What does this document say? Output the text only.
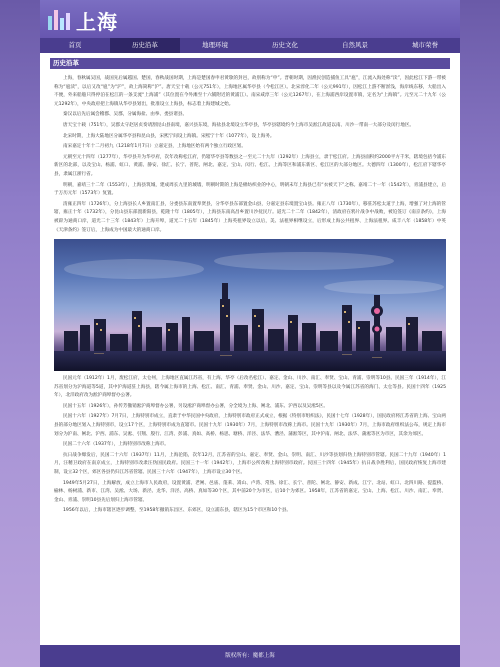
上海
首页	历史沿革	地理环境	历史文化	自然风景	城市荣誉
历史沿革

上海，春秋属吴国，战国先后属越国、楚国，春秋战国时期，上海是楚国春申君黄歇的封邑，故别称为“申”。晋朝时期，因渔民创造捕鱼工具“扈”，江流入海处称“渎”，因此松江下游一带被称为“扈渎”，以后又改“扈”为“沪”，故上海简称“沪”。唐天宝十载（公元751年），上海地区属华亭县（今松江区）。北宋淳化二年（公元991年），因松江上游不断淤浅，海岸线东移，大船出入不便，外来船舶只得停泊在松江的一条支流“上海浦”（其位置在今外滩至十六铺附近的黄浦江）。南宋咸淳三年（公元1267年），在上海浦西岸设置市镇，定名为“上海镇”。元至元二十九年（公元1292年），中央政府把上海镇从华亭县划出，批准设立上海县，标志着上海建城之始。

秦汉以后先后属会稽郡、吴郡，分属海盐、由拳、娄县诸县。

唐天宝十载（751年），吴郡太守赵居贞奏请割昆山县南境，嘉兴县东境，海盐县北境设立华亭县，华亭县辖境约今上海市吴淞江故道以南、川沙一带南一大部分及闵行地区。

北宋时期，上海大陆地区分属华亭县和昆山县，宋熙宁间设上海镇。宋熙宁十年（1077年），设上海务。

南宋嘉定十年十二月初九（1218年1月7日）立嘉定县，上海地区始有两个独立行政区划。

元朝至元十四年（1277年），华亭县升为华亭府，次年改称松江府，仍辖华亭县等数县之一至元二十九年（1292年）上海县立，隶于松江府。上海县面积约2000平方千米，辖境包括今浦东新区的北部，以及宝山、杨浦、虹口、黄浦、静安、徐汇、长宁、普陀、闸北、嘉定、宝山、闵行、松江、上海等区和浦东新区、松江区的大部分地区。大德四年（1300年），松江府下辖华亭县，隶属江浙行省。

明朝，嘉靖三十二年（1553年），上海县筑城，建成周长九里的城墙，明朝时期的上海是棉纺织业的中心，明朝末年上海县已有“衣被天下”之称。嘉靖二十一年（1542年），青浦县建立，后于万历元年（1573年）复置。

清雍正四年（1726年），分上海县长人乡置南汇县，分娄县东南置奉贤县，分华亭县东部置金山县，分嘉定县东境置宝山县。雍正八年（1730年），移驻苏松太道于上海，增强了对上海的管辖，雍正十年（1732年），分昆山县东部置新阳县，乾隆十年（1805年），上海县东南高昌乡置川沙抚民厅。道光二十二年（1842年），清政府在鸦片战争中战败，被迫签订《南京条约》，上海被辟为通商口岸，道光二十三年（1843年）上海开埠，道光二十五年（1845年）上海英租界设立以后，美、法租界相继设立，后形成上海公共租界、上海法租界。咸丰八年（1858年）中英《天津条约》签订后，上海成为中国最大的通商口岸。

民国元年（1912年）1月，废松江府，太仓州，上海地区直属江苏省，有上海、华亭（后改名松江）、嘉定、金山、川沙、南汇、奉贤、宝山、青浦、崇明等10县。民国三年（1914年），江苏省划分为沪海道等5道，其中沪海道驻上海县，辖今属上海市的上海、松江、南汇、青浦、奉贤、金山、川沙、嘉定、宝山、崇明等县以及今属江苏省的海门、太仓等县。民国十四年（1925年），北洋政府改为淞沪商埠督办公署。

民国十五年（1926年），孙传芳撤销淞沪商埠督办公署，另设淞沪商埠督办公署，分全境为上海、闸北、浦东、沪西以及吴淞5区。

民国十六年（1927年）7月7日，上海特别市成立，直隶于中华民国中央政府，上海特别市政府正式成立，根据《特别市组织法》，民国十七年（1928年），国民政府将江苏省的上海、宝山两县的部分地区划入上海特别市，设立17个区，上海特别市成为直辖市。民国十九年（1930年）7月，上海特别市改称上海市。民国十九年（1930年）7月，上海市政府组织法公布，规定上海市划分为沪南、闸北、沪西、浦东、吴淞、引翔、殷行、江湾、彭浦、真如、高桥、杨思、塘桥、洋泾、法华、漕泾、蒲淞等区，其中沪南、闸北、法华、蒲淞等区为市区，其余为郊区。

民国二十六年（1937年），上海特别市改称上海市。

抗日战争爆发后，民国二十六年（1937年）11月，上海沦陷，次年12月，江苏省的宝山、嘉定、奉贤、金山、崇明、南汇、川沙等县划归伪上海特别市管辖。民国二十九年（1940年）1月，汪精卫政府在南京成立，上海特别市改隶汪伪国民政府。民国三十一年（1942年），上海市公所改称上海特别市政府。民国三十四年（1945年）抗日战争胜利后，国民政府恢复上海市建制，设立32个区，郊区各县仍归江苏省管辖。民国三十六年（1947年），上海市设立30个区。

1949年5月27日，上海解放，成立上海市人民政府，设置黄浦、老闸、邑庙、蓬莱、嵩山、卢湾、常熟、徐汇、长宁、普陀、闸北、静安、新成、江宁、北站、虹口、北四川路、提篮桥、榆林、杨树浦、新市、江湾、吴淞、大场、新泾、龙华、洋泾、高桥、真如等30个区，其中前20个为市区，后10个为郊区。1958年，江苏省的嘉定、宝山、上海、松江、川沙、南汇、奉贤、金山、青浦、崇明10县先后划归上海市管辖。

1956年以后，上海市辖区逐步调整，至1958年撤销东昌区、东郊区，设立浦东县，辖区为15个市区和10个县。

版权所有：魔都上海
